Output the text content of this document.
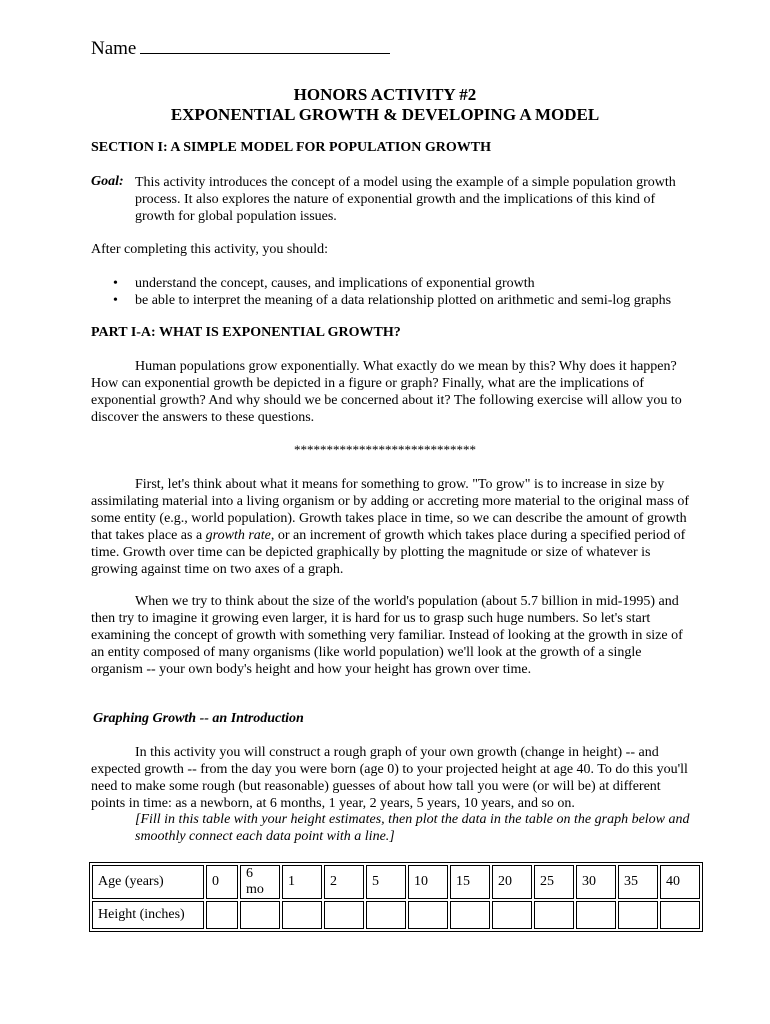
Name
HONORS ACTIVITY #2
EXPONENTIAL GROWTH & DEVELOPING A MODEL
SECTION I: A SIMPLE MODEL FOR POPULATION GROWTH
Goal: This activity introduces the concept of a model using the example of a simple population growth process. It also explores the nature of exponential growth and the implications of this kind of growth for global population issues.
After completing this activity, you should:
• understand the concept, causes, and implications of exponential growth
• be able to interpret the meaning of a data relationship plotted on arithmetic and semi-log graphs
PART I-A: WHAT IS EXPONENTIAL GROWTH?
Human populations grow exponentially. What exactly do we mean by this? Why does it happen? How can exponential growth be depicted in a figure or graph? Finally, what are the implications of exponential growth? And why should we be concerned about it? The following exercise will allow you to discover the answers to these questions.
****************************
First, let's think about what it means for something to grow. "To grow" is to increase in size by assimilating material into a living organism or by adding or accreting more material to the original mass of some entity (e.g., world population). Growth takes place in time, so we can describe the amount of growth that takes place as a growth rate, or an increment of growth which takes place during a specified period of time. Growth over time can be depicted graphically by plotting the magnitude or size of whatever is growing against time on two axes of a graph.
When we try to think about the size of the world's population (about 5.7 billion in mid-1995) and then try to imagine it growing even larger, it is hard for us to grasp such huge numbers. So let's start examining the concept of growth with something very familiar. Instead of looking at the growth in size of an entity composed of many organisms (like world population) we'll look at the growth of a single organism -- your own body's height and how your height has grown over time.
Graphing Growth -- an Introduction
In this activity you will construct a rough graph of your own growth (change in height) -- and expected growth -- from the day you were born (age 0) to your projected height at age 40. To do this you'll need to make some rough (but reasonable) guesses of about how tall you were (or will be) at different points in time: as a newborn, at 6 months, 1 year, 2 years, 5 years, 10 years, and so on.
[Fill in this table with your height estimates, then plot the data in the table on the graph below and smoothly connect each data point with a line.]
Age (years)	0	6 mo	1	2	5	10	15	20	25	30	35	40
Height (inches)												
